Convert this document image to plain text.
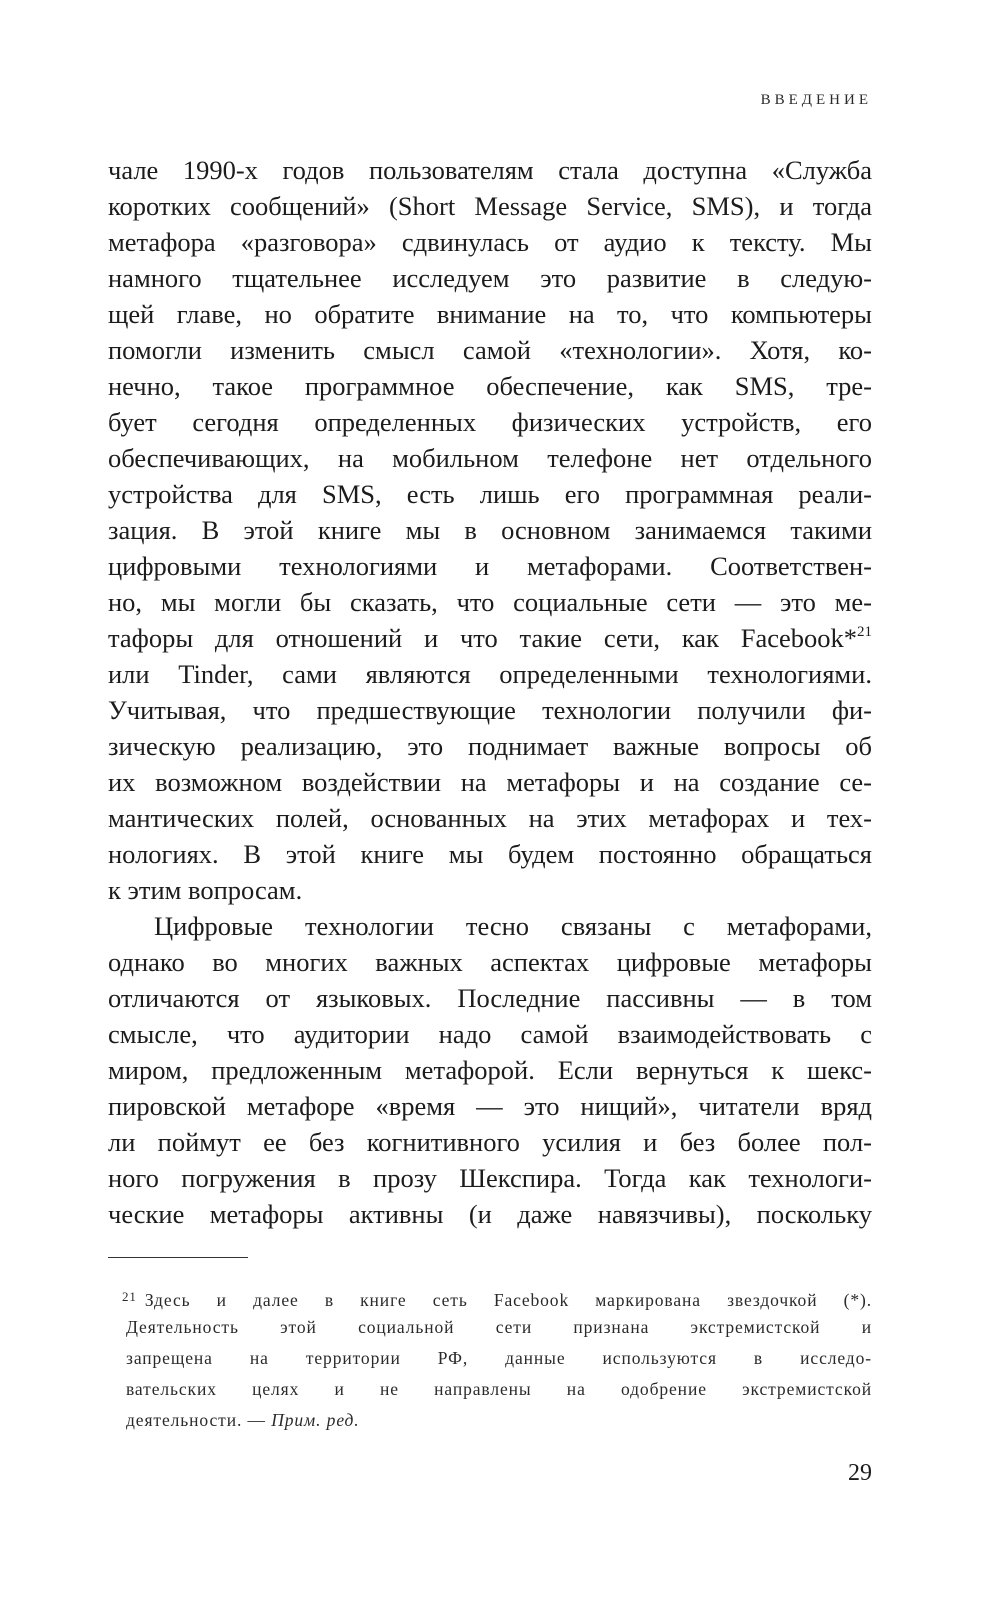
ВВЕДЕНИЕ
чале 1990-х годов пользователям стала доступна «Служба
коротких сообщений» (Short Message Service, SMS), и тогда
метафора «разговора» сдвинулась от аудио к тексту. Мы
намного тщательнее исследуем это развитие в следую-
щей главе, но обратите внимание на то, что компьютеры
помогли изменить смысл самой «технологии». Хотя, ко-
нечно, такое программное обеспечение, как SMS, тре-
бует сегодня определенных физических устройств, его
обеспечивающих, на мобильном телефоне нет отдельного
устройства для SMS, есть лишь его программная реали-
зация. В этой книге мы в основном занимаемся такими
цифровыми технологиями и метафорами. Соответствен-
но, мы могли бы сказать, что социальные сети — это ме-
тафоры для отношений и что такие сети, как Facebook*$^{21}$
или Tinder, сами являются определенными технологиями.
Учитывая, что предшествующие технологии получили фи-
зическую реализацию, это поднимает важные вопросы об
их возможном воздействии на метафоры и на создание се-
мантических полей, основанных на этих метафорах и тех-
нологиях. В этой книге мы будем постоянно обращаться
к этим вопросам.
Цифровые технологии тесно связаны с метафорами,
однако во многих важных аспектах цифровые метафоры
отличаются от языковых. Последние пассивны — в том
смысле, что аудитории надо самой взаимодействовать с
миром, предложенным метафорой. Если вернуться к шекс-
пировской метафоре «время — это нищий», читатели вряд
ли поймут ее без когнитивного усилия и без более пол-
ного погружения в прозу Шекспира. Тогда как технологи-
ческие метафоры активны (и даже навязчивы), поскольку
$^{21}$ Здесь и далее в книге сеть Facebook маркирована звездочкой (*).
Деятельность этой социальной сети признана экстремистской и
запрещена на территории РФ, данные используются в исследо-
вательских целях и не направлены на одобрение экстремистской
деятельности. — Прим. ред.
29
